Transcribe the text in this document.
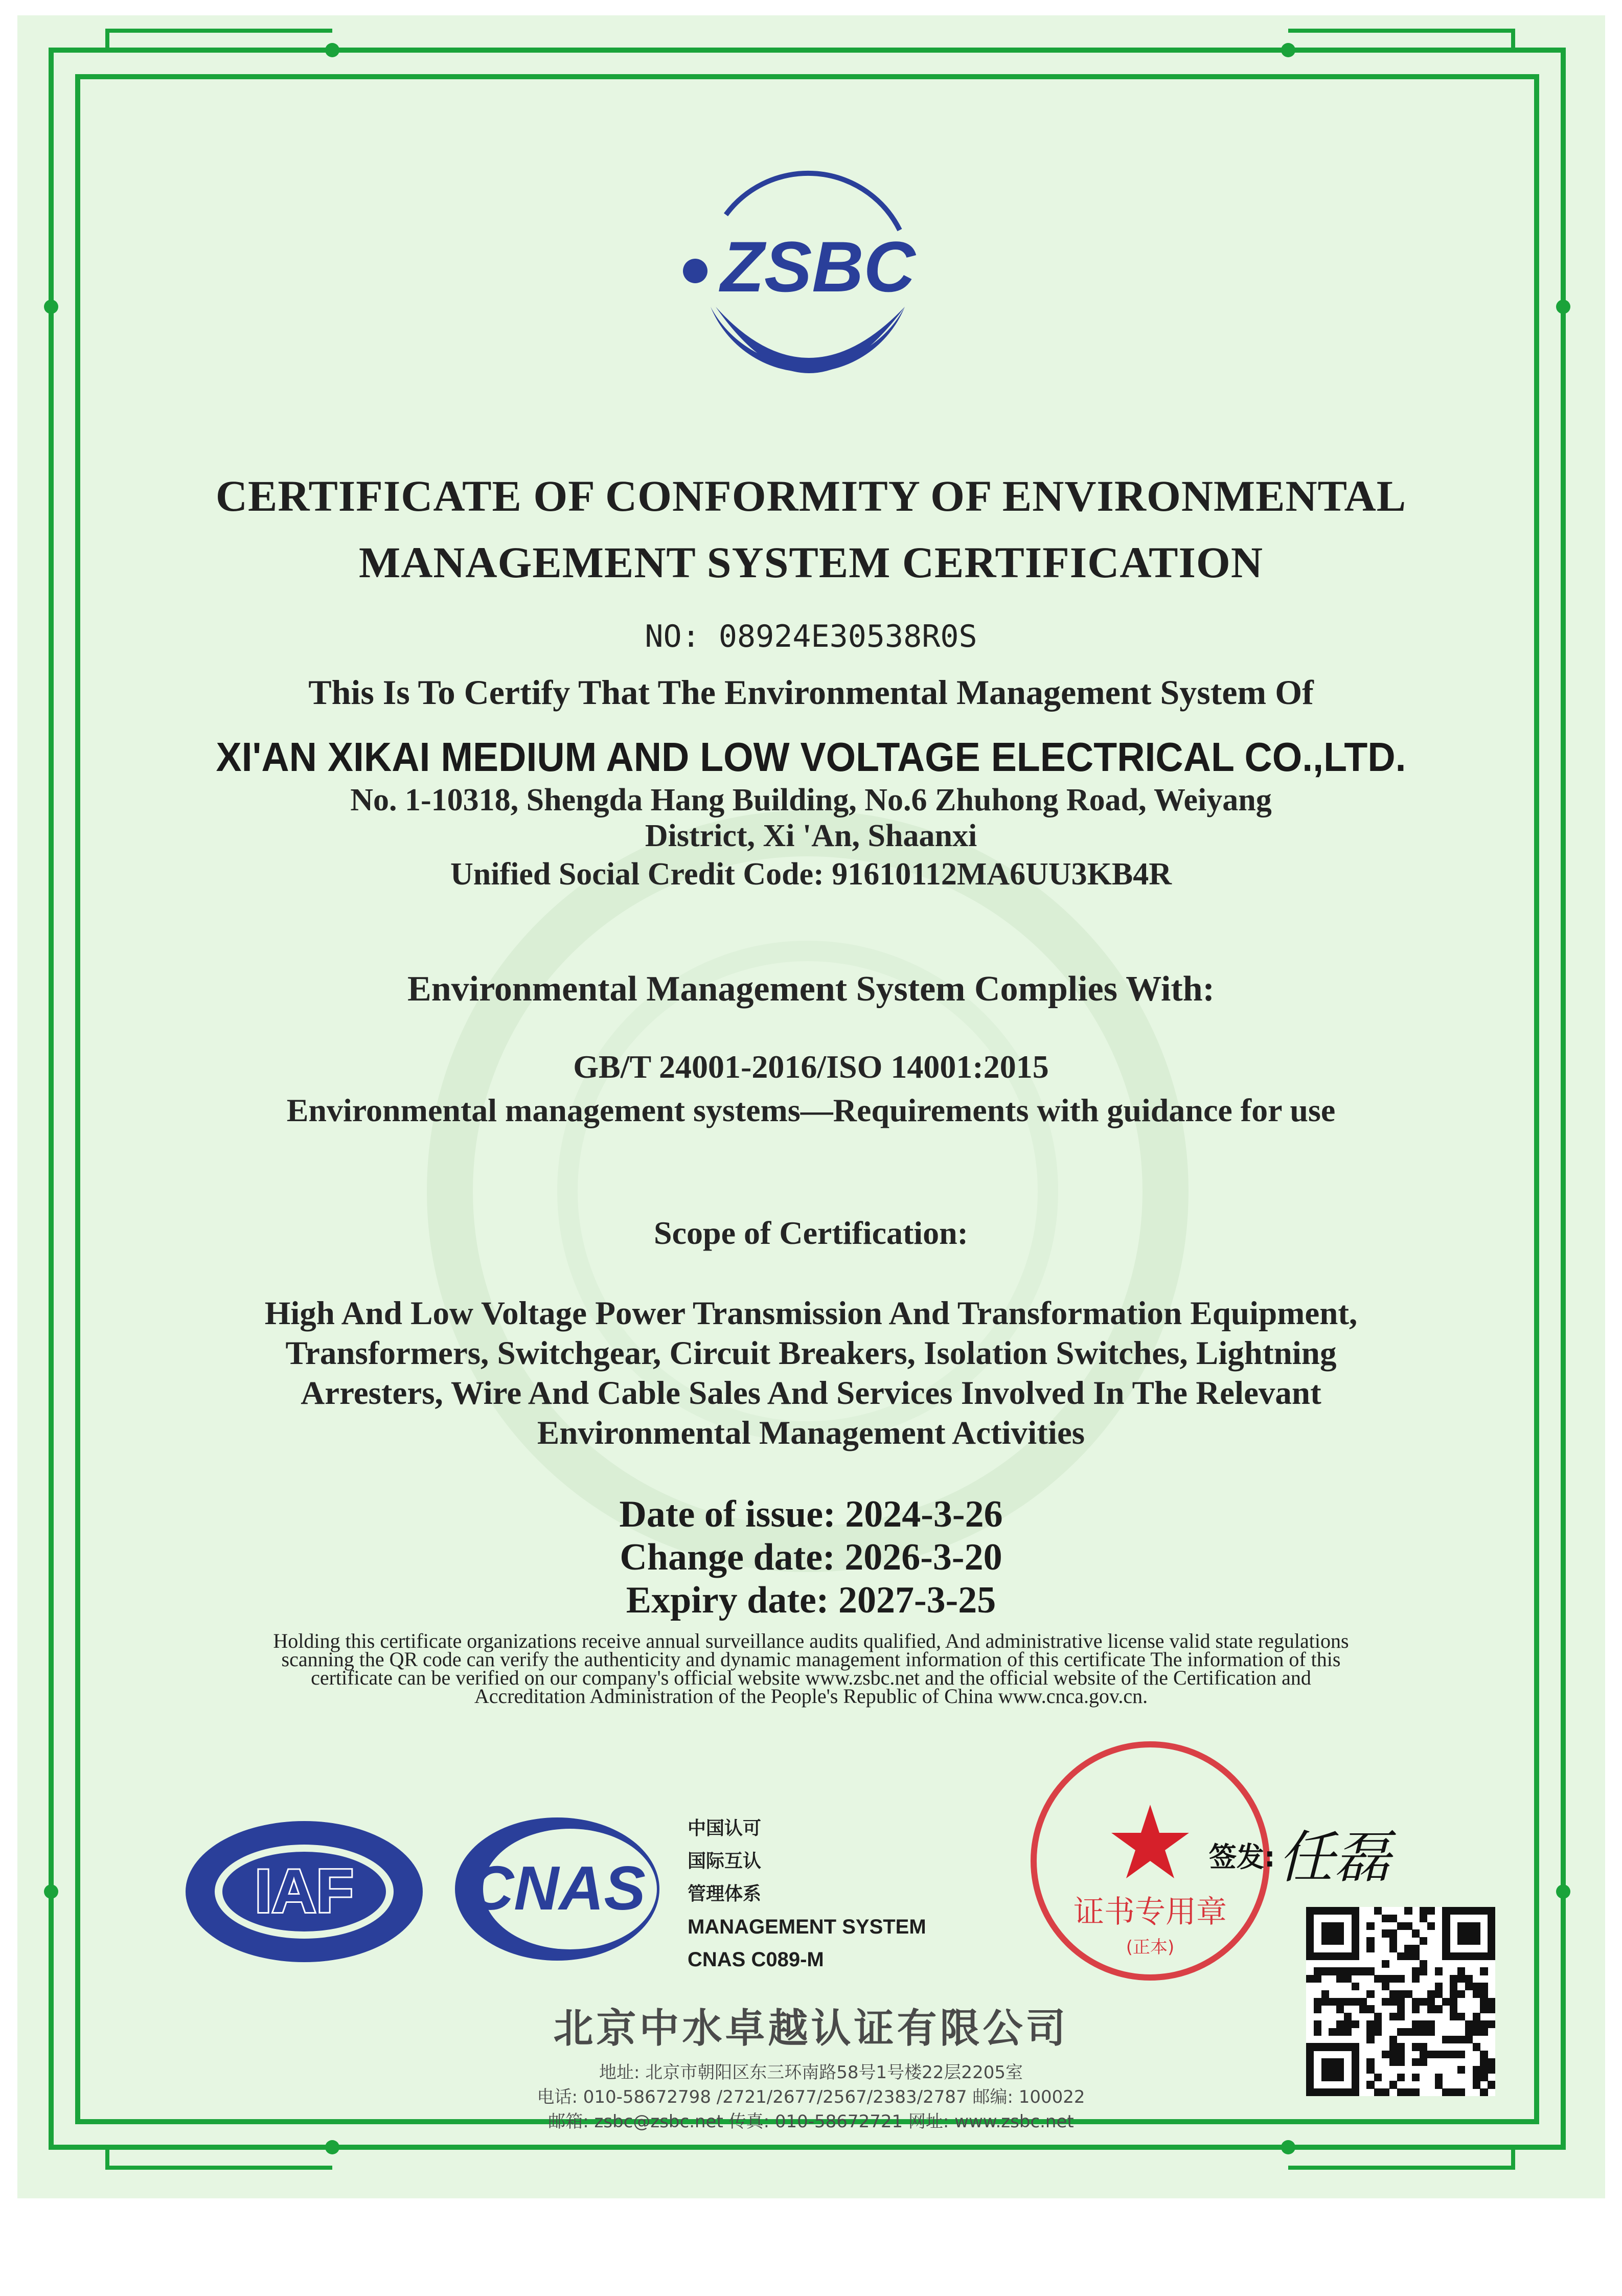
ZSBC
CERTIFICATE OF CONFORMITY OF ENVIRONMENTAL
MANAGEMENT SYSTEM CERTIFICATION
NO: 08924E30538R0S
This Is To Certify That The Environmental Management System Of
XI'AN XIKAI MEDIUM AND LOW VOLTAGE ELECTRICAL CO.,LTD.
No. 1-10318, Shengda Hang Building, No.6 Zhuhong Road, Weiyang
District, Xi 'An, Shaanxi
Unified Social Credit Code: 91610112MA6UU3KB4R
Environmental Management System Complies With:
GB/T 24001-2016/ISO 14001:2015
Environmental management systems—Requirements with guidance for use
Scope of Certification:
High And Low Voltage Power Transmission And Transformation Equipment,
Transformers, Switchgear, Circuit Breakers, Isolation Switches, Lightning
Arresters, Wire And Cable Sales And Services Involved In The Relevant
Environmental Management Activities
Date of issue: 2024-3-26
Change date: 2026-3-20
Expiry date: 2027-3-25
Holding this certificate organizations receive annual surveillance audits qualified, And administrative license valid state regulations
scanning the QR code can verify the authenticity and dynamic management information of this certificate The information of this
certificate can be verified on our company's official website www.zsbc.net and the official website of the Certification and
Accreditation Administration of the People's Republic of China www.cnca.gov.cn.
IAF CNAS
中国认可
国际互认
管理体系
MANAGEMENT SYSTEM
CNAS C089-M
证书专用章
(正本)
签发: 任磊
北京中水卓越认证有限公司
地址: 北京市朝阳区东三环南路58号1号楼22层2205室
电话: 010-58672798 /2721/2677/2567/2383/2787 邮编: 100022
邮箱: zsbc@zsbc.net 传真: 010-58672721 网址: www.zsbc.net
